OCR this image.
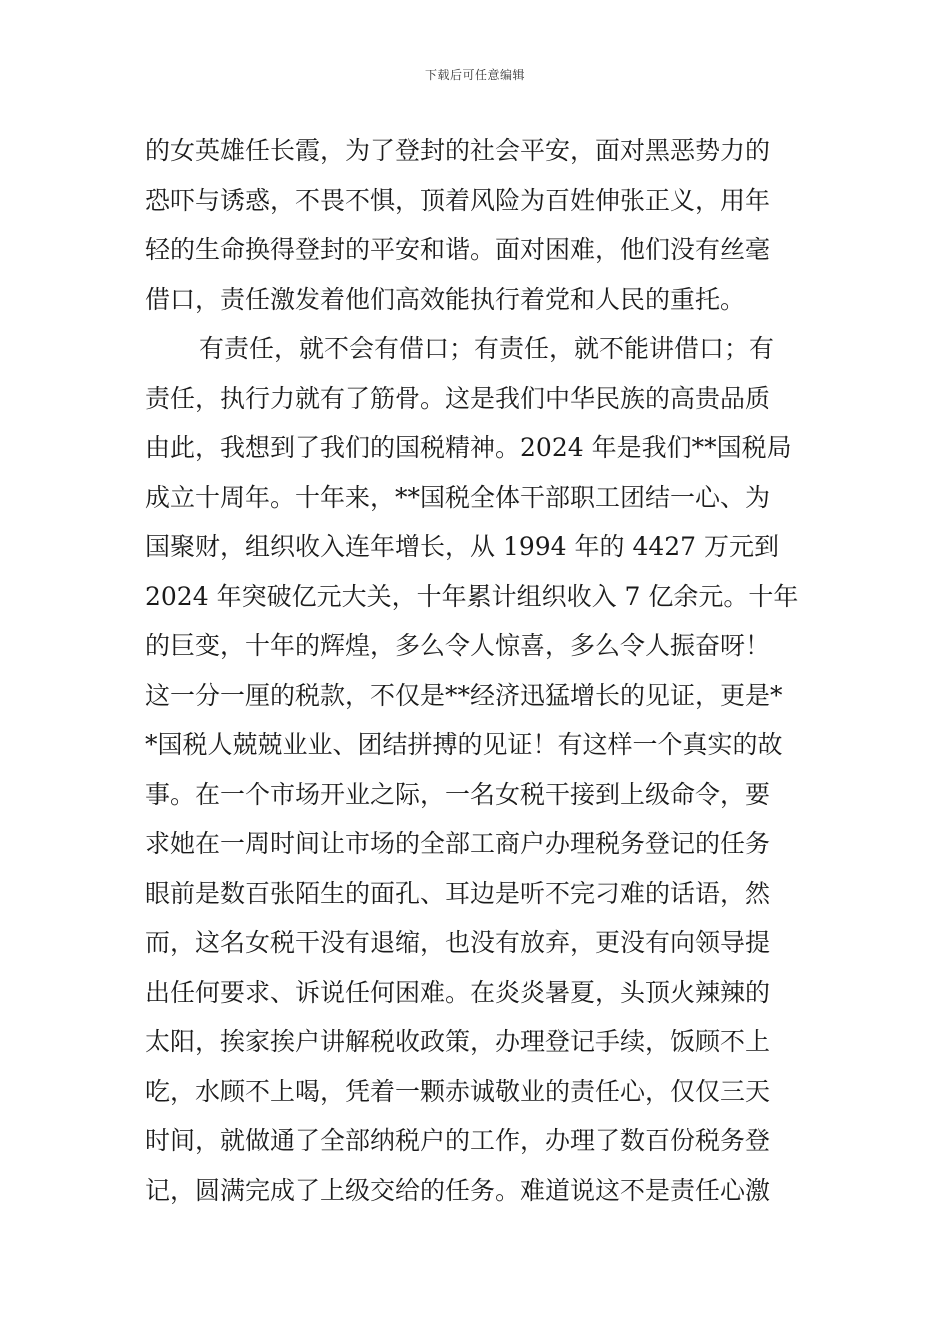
下载后可任意编辑
的女英雄任长霞，为了登封的社会平安，面对黑恶势力的
恐吓与诱惑，不畏不惧，顶着风险为百姓伸张正义，用年
轻的生命换得登封的平安和谐。面对困难，他们没有丝毫
借口，责任激发着他们高效能执行着党和人民的重托。
有责任，就不会有借口；有责任，就不能讲借口；有
责任，执行力就有了筋骨。这是我们中华民族的高贵品质
由此，我想到了我们的国税精神。2024 年是我们**国税局
成立十周年。十年来，**国税全体干部职工团结一心、为
国聚财，组织收入连年增长，从 1994 年的 4427 万元到
2024 年突破亿元大关，十年累计组织收入 7 亿余元。十年
的巨变，十年的辉煌，多么令人惊喜，多么令人振奋呀！
这一分一厘的税款，不仅是**经济迅猛增长的见证，更是*
*国税人兢兢业业、团结拼搏的见证！有这样一个真实的故
事。在一个市场开业之际，一名女税干接到上级命令，要
求她在一周时间让市场的全部工商户办理税务登记的任务
眼前是数百张陌生的面孔、耳边是听不完刁难的话语，然
而，这名女税干没有退缩，也没有放弃，更没有向领导提
出任何要求、诉说任何困难。在炎炎暑夏，头顶火辣辣的
太阳，挨家挨户讲解税收政策，办理登记手续，饭顾不上
吃，水顾不上喝，凭着一颗赤诚敬业的责任心，仅仅三天
时间，就做通了全部纳税户的工作，办理了数百份税务登
记，圆满完成了上级交给的任务。难道说这不是责任心激
